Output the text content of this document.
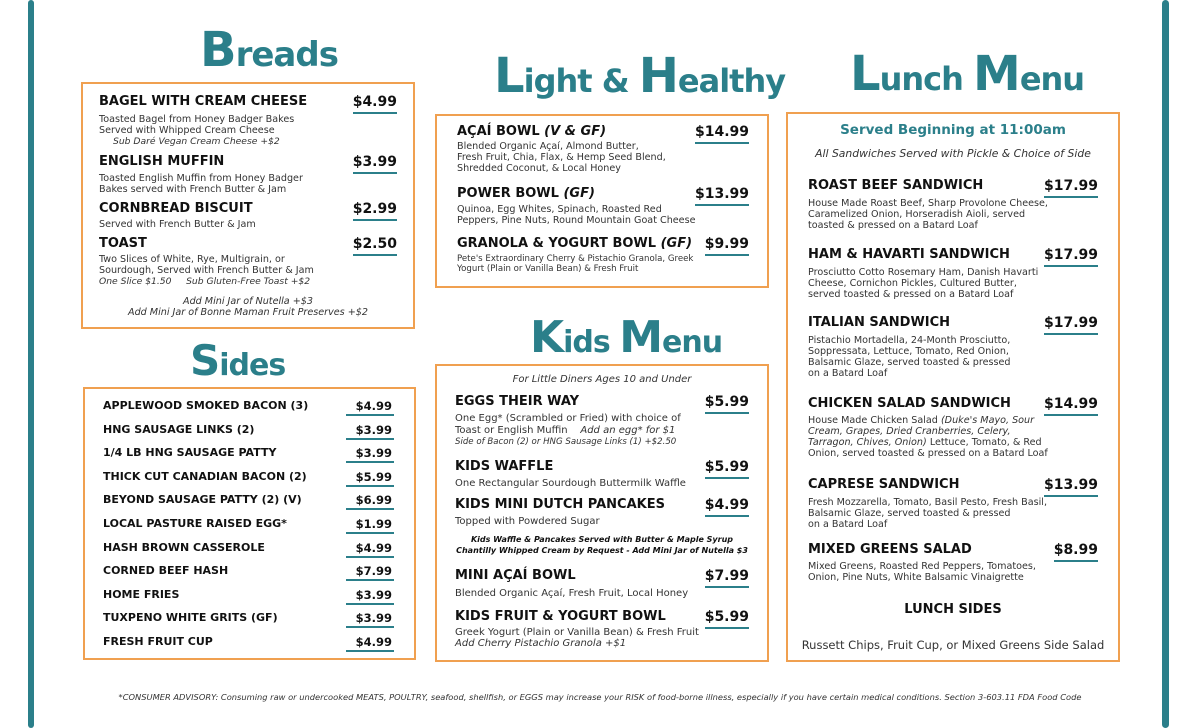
Breads
BAGEL WITH CREAM CHEESE	$4.99
Toasted Bagel from Honey Badger Bakes
Served with Whipped Cream Cheese
Sub Daré Vegan Cream Cheese +$2
ENGLISH MUFFIN	$3.99
Toasted English Muffin from Honey Badger
Bakes served with French Butter & Jam
CORNBREAD BISCUIT	$2.99
Served with French Butter & Jam
TOAST	$2.50
Two Slices of White, Rye, Multigrain, or
Sourdough, Served with French Butter & Jam
One Slice $1.50     Sub Gluten-Free Toast +$2
Add Mini Jar of Nutella +$3
Add Mini Jar of Bonne Maman Fruit Preserves +$2
Sides
APPLEWOOD SMOKED BACON (3)	$4.99
HNG SAUSAGE LINKS (2)	$3.99
1/4 LB HNG SAUSAGE PATTY	$3.99
THICK CUT CANADIAN BACON (2)	$5.99
BEYOND SAUSAGE PATTY (2) (V)	$6.99
LOCAL PASTURE RAISED EGG*	$1.99
HASH BROWN CASSEROLE	$4.99
CORNED BEEF HASH	$7.99
HOME FRIES	$3.99
TUXPENO WHITE GRITS (GF)	$3.99
FRESH FRUIT CUP	$4.99
Light & Healthy
AÇAÍ BOWL (V & GF)	$14.99
Blended Organic Açaí, Almond Butter,
Fresh Fruit, Chia, Flax, & Hemp Seed Blend,
Shredded Coconut, & Local Honey
POWER BOWL (GF)	$13.99
Quinoa, Egg Whites, Spinach, Roasted Red
Peppers, Pine Nuts, Round Mountain Goat Cheese
GRANOLA & YOGURT BOWL (GF) $9.99
Pete's Extraordinary Cherry & Pistachio Granola, Greek
Yogurt (Plain or Vanilla Bean) & Fresh Fruit
Kids Menu
For Little Diners Ages 10 and Under
EGGS THEIR WAY	$5.99
One Egg* (Scrambled or Fried) with choice of
Toast or English Muffin    Add an egg* for $1
Side of Bacon (2) or HNG Sausage Links (1) +$2.50
KIDS WAFFLE	$5.99
One Rectangular Sourdough Buttermilk Waffle
KIDS MINI DUTCH PANCAKES	$4.99
Topped with Powdered Sugar
Kids Waffle & Pancakes Served with Butter & Maple Syrup
Chantilly Whipped Cream by Request - Add Mini Jar of Nutella $3
MINI AÇAÍ BOWL	$7.99
Blended Organic Açaí, Fresh Fruit, Local Honey
KIDS FRUIT & YOGURT BOWL	$5.99
Greek Yogurt (Plain or Vanilla Bean) & Fresh Fruit
Add Cherry Pistachio Granola +$1
Lunch Menu
Served Beginning at 11:00am
All Sandwiches Served with Pickle & Choice of Side
ROAST BEEF SANDWICH	$17.99
House Made Roast Beef, Sharp Provolone Cheese,
Caramelized Onion, Horseradish Aioli, served
toasted & pressed on a Batard Loaf
HAM & HAVARTI SANDWICH	$17.99
Prosciutto Cotto Rosemary Ham, Danish Havarti
Cheese, Cornichon Pickles, Cultured Butter,
served toasted & pressed on a Batard Loaf
ITALIAN SANDWICH	$17.99
Pistachio Mortadella, 24-Month Prosciutto,
Soppressata, Lettuce, Tomato, Red Onion,
Balsamic Glaze, served toasted & pressed
on a Batard Loaf
CHICKEN SALAD SANDWICH	$14.99
House Made Chicken Salad (Duke's Mayo, Sour
Cream, Grapes, Dried Cranberries, Celery,
Tarragon, Chives, Onion) Lettuce, Tomato, & Red
Onion, served toasted & pressed on a Batard Loaf
CAPRESE SANDWICH	$13.99
Fresh Mozzarella, Tomato, Basil Pesto, Fresh Basil,
Balsamic Glaze, served toasted & pressed
on a Batard Loaf
MIXED GREENS SALAD	$8.99
Mixed Greens, Roasted Red Peppers, Tomatoes,
Onion, Pine Nuts, White Balsamic Vinaigrette
LUNCH SIDES
Russett Chips, Fruit Cup, or Mixed Greens Side Salad
*CONSUMER ADVISORY: Consuming raw or undercooked MEATS, POULTRY, seafood, shellfish, or EGGS may increase your RISK of food-borne illness, especially if you have certain medical conditions. Section 3-603.11 FDA Food Code
